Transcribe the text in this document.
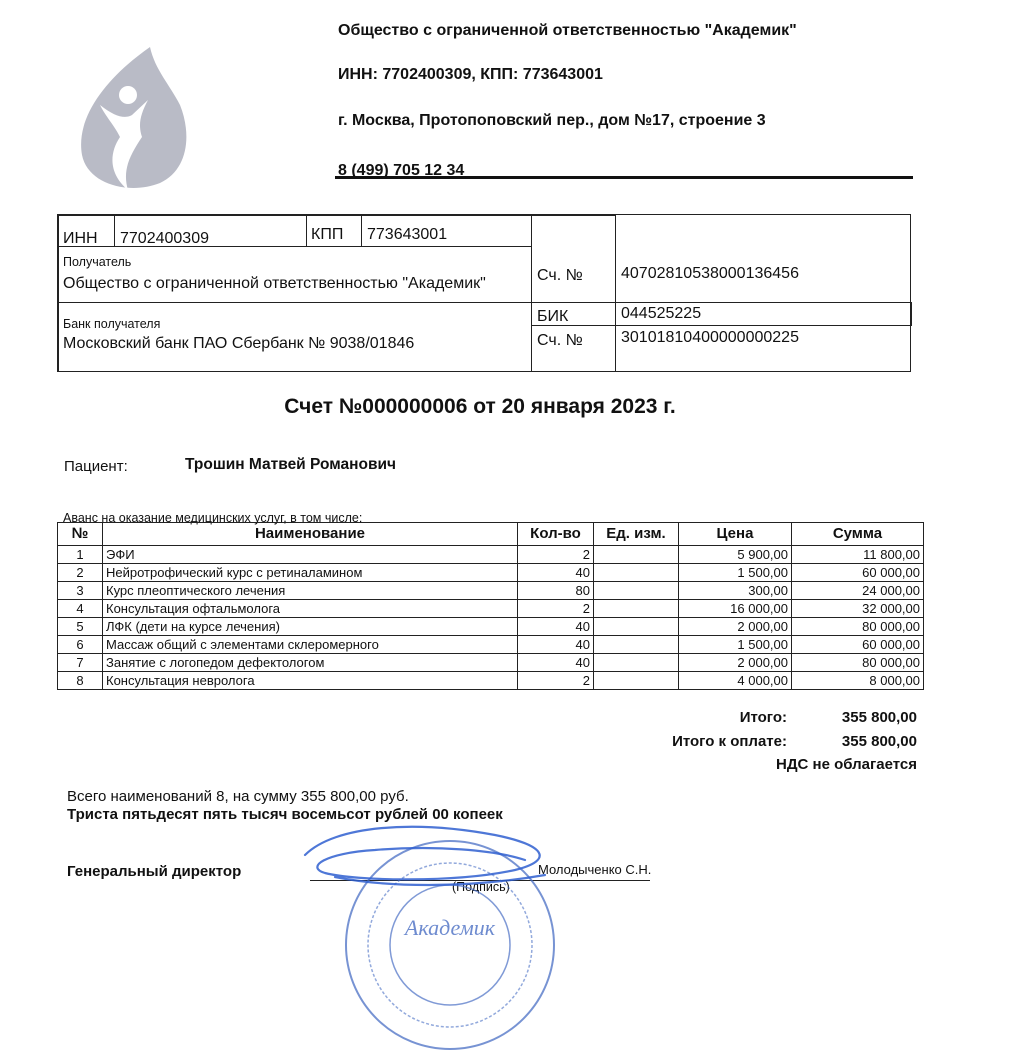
Общество с ограниченной ответственностью "Академик"
ИНН: 7702400309, КПП: 773643001
г. Москва, Протопоповский пер., дом №17, строение 3
8 (499) 705 12 34
ИНН 7702400309	КПП 773643001
Получатель
Общество с ограниченной ответственностью "Академик"	Сч. № 40702810538000136456
Банк получателя
Московский банк ПАО Сбербанк № 9038/01846
БИК	044525225
Сч. № 30101810400000000225
Счет №000000006 от 20 января 2023 г.
Пациент:	Трошин Матвей Романович
Аванс на оказание медицинских услуг, в том числе:
№	Наименование	Кол-во	Ед. изм.	Цена	Сумма
1	ЭФИ	2		5 900,00	11 800,00
2	Нейротрофический курс с ретиналамином	40		1 500,00	60 000,00
3	Курс плеоптического лечения	80		300,00	24 000,00
4	Консультация офтальмолога	2		16 000,00	32 000,00
5	ЛФК (дети на курсе лечения)	40		2 000,00	80 000,00
6	Массаж общий с элементами склеромерного	40		1 500,00	60 000,00
7	Занятие с логопедом дефектологом	40		2 000,00	80 000,00
8	Консультация невролога	2		4 000,00	8 000,00
Итого:	355 800,00
Итого к оплате:	355 800,00
НДС не облагается
Всего наименований 8, на сумму 355 800,00 руб.
Триста пятьдесят пять тысяч восемьсот рублей 00 копеек
Генеральный директор
(Подпись)
Молодыченко С.Н.
Академик
